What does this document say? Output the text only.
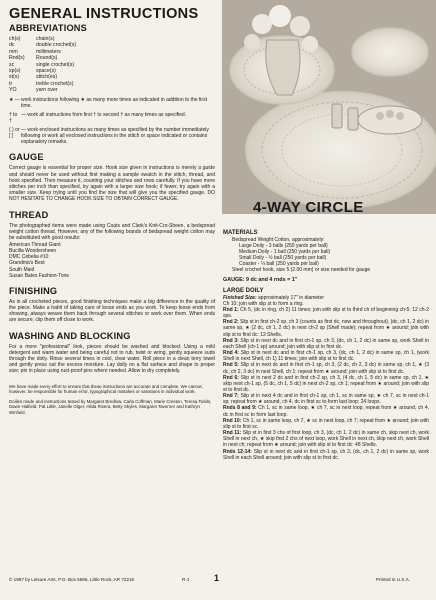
GENERAL INSTRUCTIONS
ABBREVIATIONS
ch(s)	chain(s)
dc	double crochet(s)
mm	millimeters
Rnd(s)	Round(s)
sc	single crochet(s)
sp(s)	space(s)
st(s)	stitch(es)
tr	treble crochet(s)
YO	yarn over
★ — work instructions following ★ as many more times as indicated in addition to the first time.
† to †
— work all instructions from first † to second † as many times as specified.
( ) or [ ]
— work enclosed instructions as many times as specified by the number immediately following or work all enclosed instructions in the stitch or space indicated or contains explanatory remarks.
GAUGE

Correct gauge is essential for proper size. Hook size given in instructions is merely a guide and should never be used without first making a sample swatch in the stitch, thread, and hook specified. Then measure it, counting your stitches and rows carefully. If you have more stitches per inch than specified, try again with a larger size hook; if fewer, try again with a smaller size. Keep trying until you find the size that will give you the specified gauge. DO NOT HESITATE TO CHANGE HOOK SIZE TO OBTAIN CORRECT GAUGE.

THREAD

The photographed items were made using Coats and Clark's Knit-Cro-Sheen, a bedspread weight cotton thread. However, any of the following brands of bedspread weight cotton may be substituted with good results:

American Thread Giant
Bucilla Wondersheen
DMC Cebelia #10
Grandma's Best
South Maid
Susan Bates Fashion-Tone
FINISHING

As in all crocheted pieces, good finishing techniques make a big difference in the quality of the piece. Make a habit of taking care of loose ends as you work. To keep loose ends from showing, always weave them back through several stitches or work over them. When ends are secure, clip them off close to work.

WASHING AND BLOCKING

For a more "professional" look, pieces should be washed and blocked. Using a mild detergent and warm water and being careful not to rub, twist or wring, gently squeeze suds through the doily. Rinse several times in cool, clear water. Roll piece in a clean terry towel and gently press out the excess moisture. Lay doily on a flat surface and shape to proper size; pin in place using rust-proof pins where needed. Allow to dry completely.

We have made every effort to ensure that these instructions are accurate and complete. We cannot, however, be responsible for human error, typographical mistakes or variations in individual work.

Doilies made and instructions tested by Margaret Bredlow, Carla Coffman, Marie Creston, Teresa Fields, Dawn Hatfield, Pat Little, Janelle Olger, Hilda Rivera, Betty Skyles, Margaret Taverner and Kathryn Winfield.

4-WAY CIRCLE
MATERIALS
Bedspread Weight Cotton, approximately:
Large Doily - 3 balls (250 yards per ball)
Medium Doily - 1 ball (250 yards per ball)
Small Doily - ½ ball (250 yards per ball)
Coaster - ¼ ball (250 yards per ball)
Steel crochet hook, size 5 (2.00 mm) or size needed for gauge
GAUGE: 9 dc and 4 rnds = 1"
LARGE DOILY
Finished Size: approximately 17" in diameter
Ch 10; join with slip st to form a ring.

Rnd 1: Ch 5, (dc in ring, ch 2) 11 times; join with slip st to third ch of beginning ch-5: 12 ch-2 sps.

Rnd 2: Slip st in first ch-2 sp, ch 3 (counts as first dc, now and throughout), (dc, ch 1, 2 dc) in same sp, ★ (2 dc, ch 1, 2 dc) in next ch-2 sp (Shell made); repeat from ★ around; join with slip st to first dc: 12 Shells.

Rnd 3: Slip st in next dc and in first ch-1 sp, ch 3, (dc, ch 1, 2 dc) in same sp, work Shell in each Shell (ch-1 sp) around; join with slip st to first dc.

Rnd 4: Slip st in next dc and in first ch-1 sp, ch 3, (dc, ch 1, 2 dc) in same sp, ch 1, (work Shell in next Shell, ch 1) 11 times; join with slip st to first dc.

Rnd 5: Slip st in next dc and in first ch-1 sp, ch 3, (2 dc, ch 2, 3 dc) in same sp, ch 1, ★ (3 dc, ch 2, 3 dc) in next Shell, ch 1; repeat from ★ around; join with slip st to first dc.

Rnd 6: Slip st in next 2 dc and in first ch-2 sp, ch 3, (4 dc, ch 1, 5 dc) in same sp, ch 1, ★ skip next ch-1 sp, (5 dc, ch 1, 5 dc) in next ch-2 sp, ch 1; repeat from ★ around; join with slip st to first dc.

Rnd 7: Slip st in next 4 dc and in first ch-1 sp, ch 1, sc in same sp, ★ ch 7, sc in next ch-1 sp; repeat from ★ around, ch 4, dc in first sc to form last loop: 24 loops.

Rnds 8 and 9: Ch 1, sc in same loop, ★ ch 7, sc in next loop; repeat from ★ around, ch 4, dc in first sc to form last loop.

Rnd 10: Ch 1, sc in same loop, ch 7, ★ sc in next loop, ch 7; repeat from ★ around; join with slip st to first sc.

Rnd 11: Slip st in first 3 chs of first loop, ch 3, (dc, ch 1, 2 dc) in same ch, skip next ch, work Shell in next ch, ★ skip first 2 chs of next loop, work Shell in next ch, skip next ch, work Shell in next ch; repeat from ★ around; join with slip st to first dc: 48 Shells.

Rnds 12-14: Slip st in next dc and in first ch-1 sp, ch 3, (dc, ch 1, 2 dc) in same sp, work Shell in each Shell around; join with slip st to first dc.

© 1987 by Leisure Arts, P.O. Box 5595, Little Rock, AR 72215	R-1	1	Printed in U.S.A.
